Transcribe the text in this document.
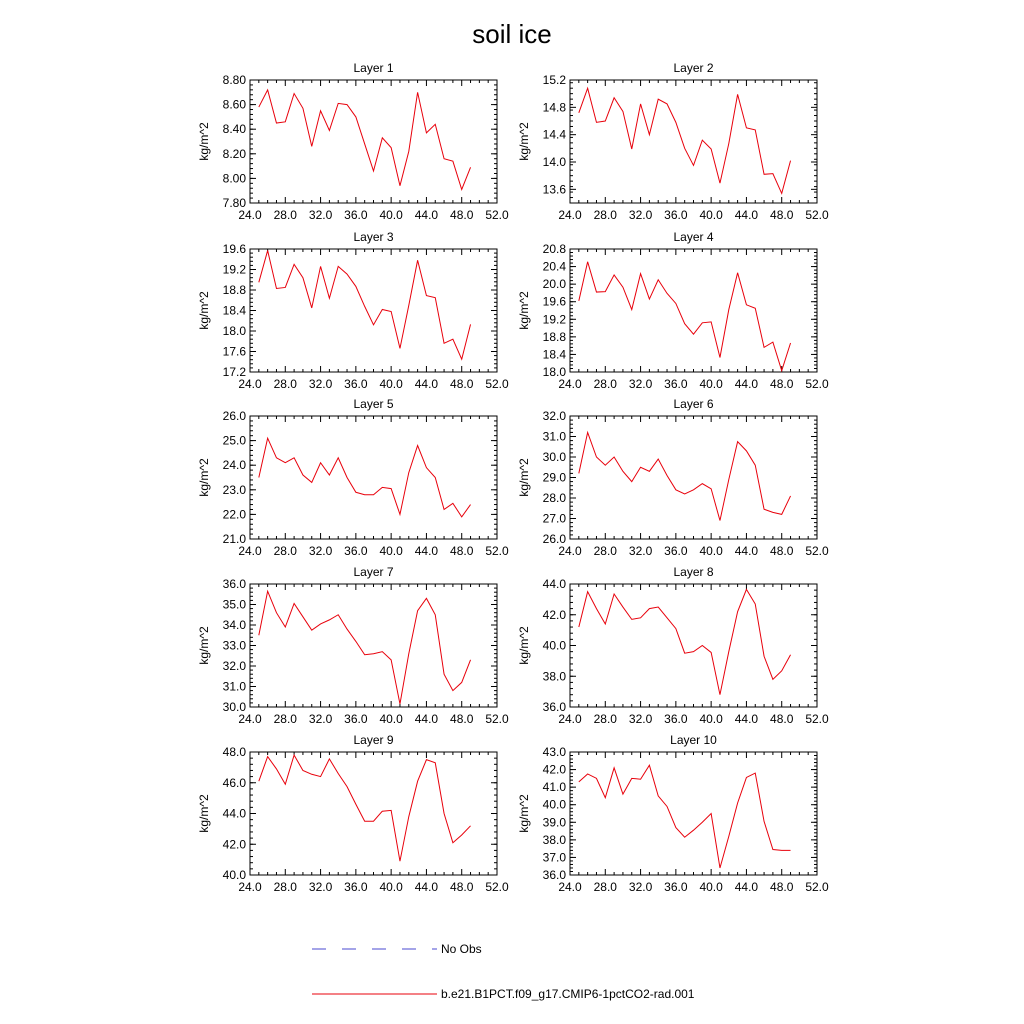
soil ice
Layer 1
24.0 28.0 32.0 36.0 40.0 44.0 48.0 52.0
7.80
8.00
8.20
8.40
8.60
8.80
kg/m^2
Layer 2
24.0 28.0 32.0 36.0 40.0 44.0 48.0 52.0
13.6
14.0
14.4
14.8
15.2
kg/m^2
Layer 3
24.0 28.0 32.0 36.0 40.0 44.0 48.0 52.0
17.2
17.6
18.0
18.4
18.8
19.2
19.6
kg/m^2
Layer 4
24.0 28.0 32.0 36.0 40.0 44.0 48.0 52.0
18.0
18.4
18.8
19.2
19.6
20.0
20.4
20.8
kg/m^2
Layer 5
24.0 28.0 32.0 36.0 40.0 44.0 48.0 52.0
21.0
22.0
23.0
24.0
25.0
26.0
kg/m^2
Layer 6
24.0 28.0 32.0 36.0 40.0 44.0 48.0 52.0
26.0
27.0
28.0
29.0
30.0
31.0
32.0
kg/m^2
Layer 7
24.0 28.0 32.0 36.0 40.0 44.0 48.0 52.0
30.0
31.0
32.0
33.0
34.0
35.0
36.0
kg/m^2
Layer 8
24.0 28.0 32.0 36.0 40.0 44.0 48.0 52.0
36.0
38.0
40.0
42.0
44.0
kg/m^2
Layer 9
24.0 28.0 32.0 36.0 40.0 44.0 48.0 52.0
40.0
42.0
44.0
46.0
48.0
kg/m^2
Layer 10
24.0 28.0 32.0 36.0 40.0 44.0 48.0 52.0
36.0
37.0
38.0
39.0
40.0
41.0
42.0
43.0
kg/m^2
No Obs
b.e21.B1PCT.f09_g17.CMIP6-1pctCO2-rad.001
